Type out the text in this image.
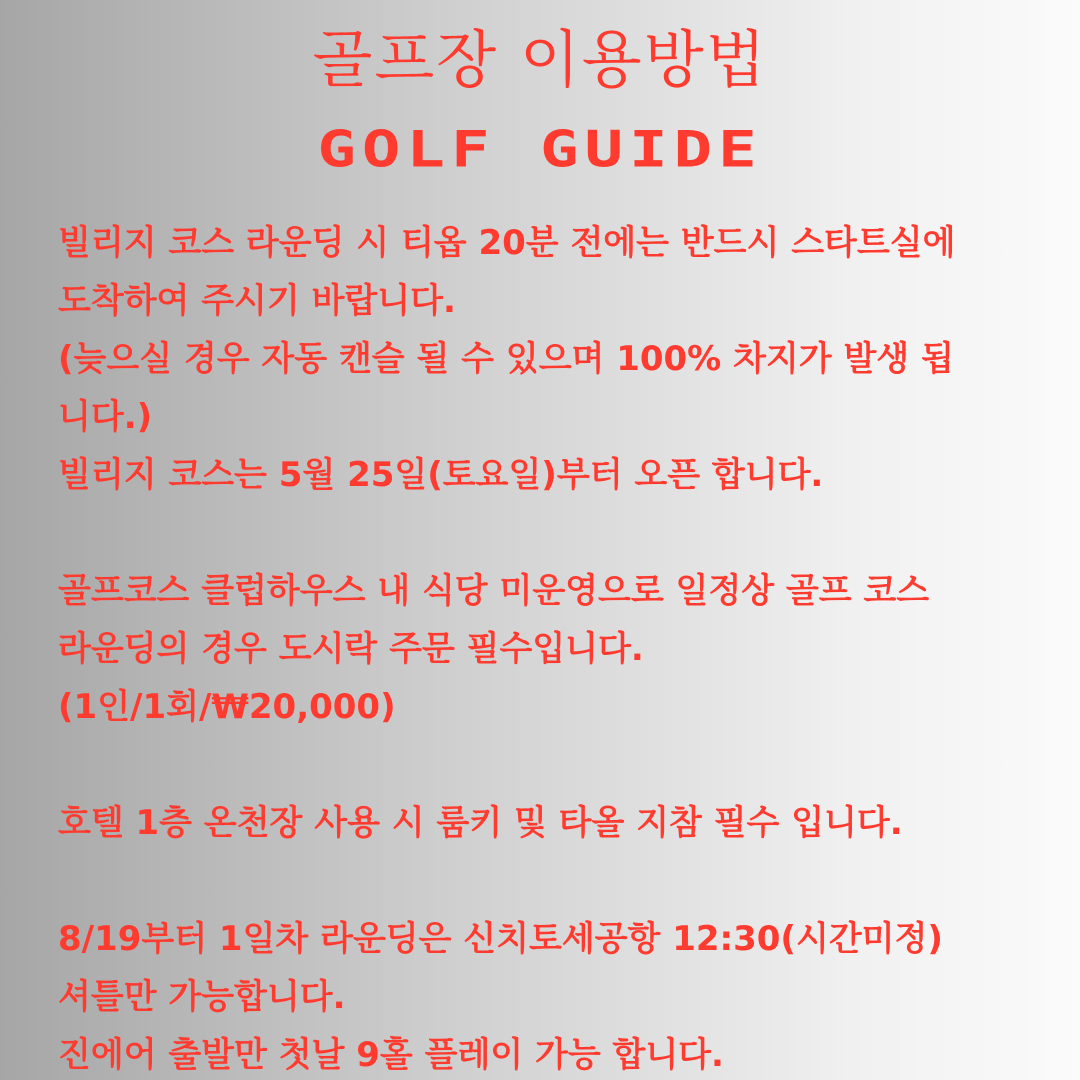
골프장 이용방법
GOLF GUIDE
빌리지 코스 라운딩 시 티옵 20분 전에는 반드시 스타트실에
도착하여 주시기 바랍니다.
(늦으실 경우 자동 캔슬 될 수 있으며 100% 차지가 발생 됩
니다.)
빌리지 코스는 5월 25일(토요일)부터 오픈 합니다.
골프코스 클럽하우스 내 식당 미운영으로 일정상 골프 코스
라운딩의 경우 도시락 주문 필수입니다.
(1인/1회/₩20,000)
호텔 1층 온천장 사용 시 룸키 및 타올 지참 필수 입니다.
8/19부터 1일차 라운딩은 신치토세공항 12:30(시간미정)
셔틀만 가능합니다.
진에어 출발만 첫날 9홀 플레이 가능 합니다.
